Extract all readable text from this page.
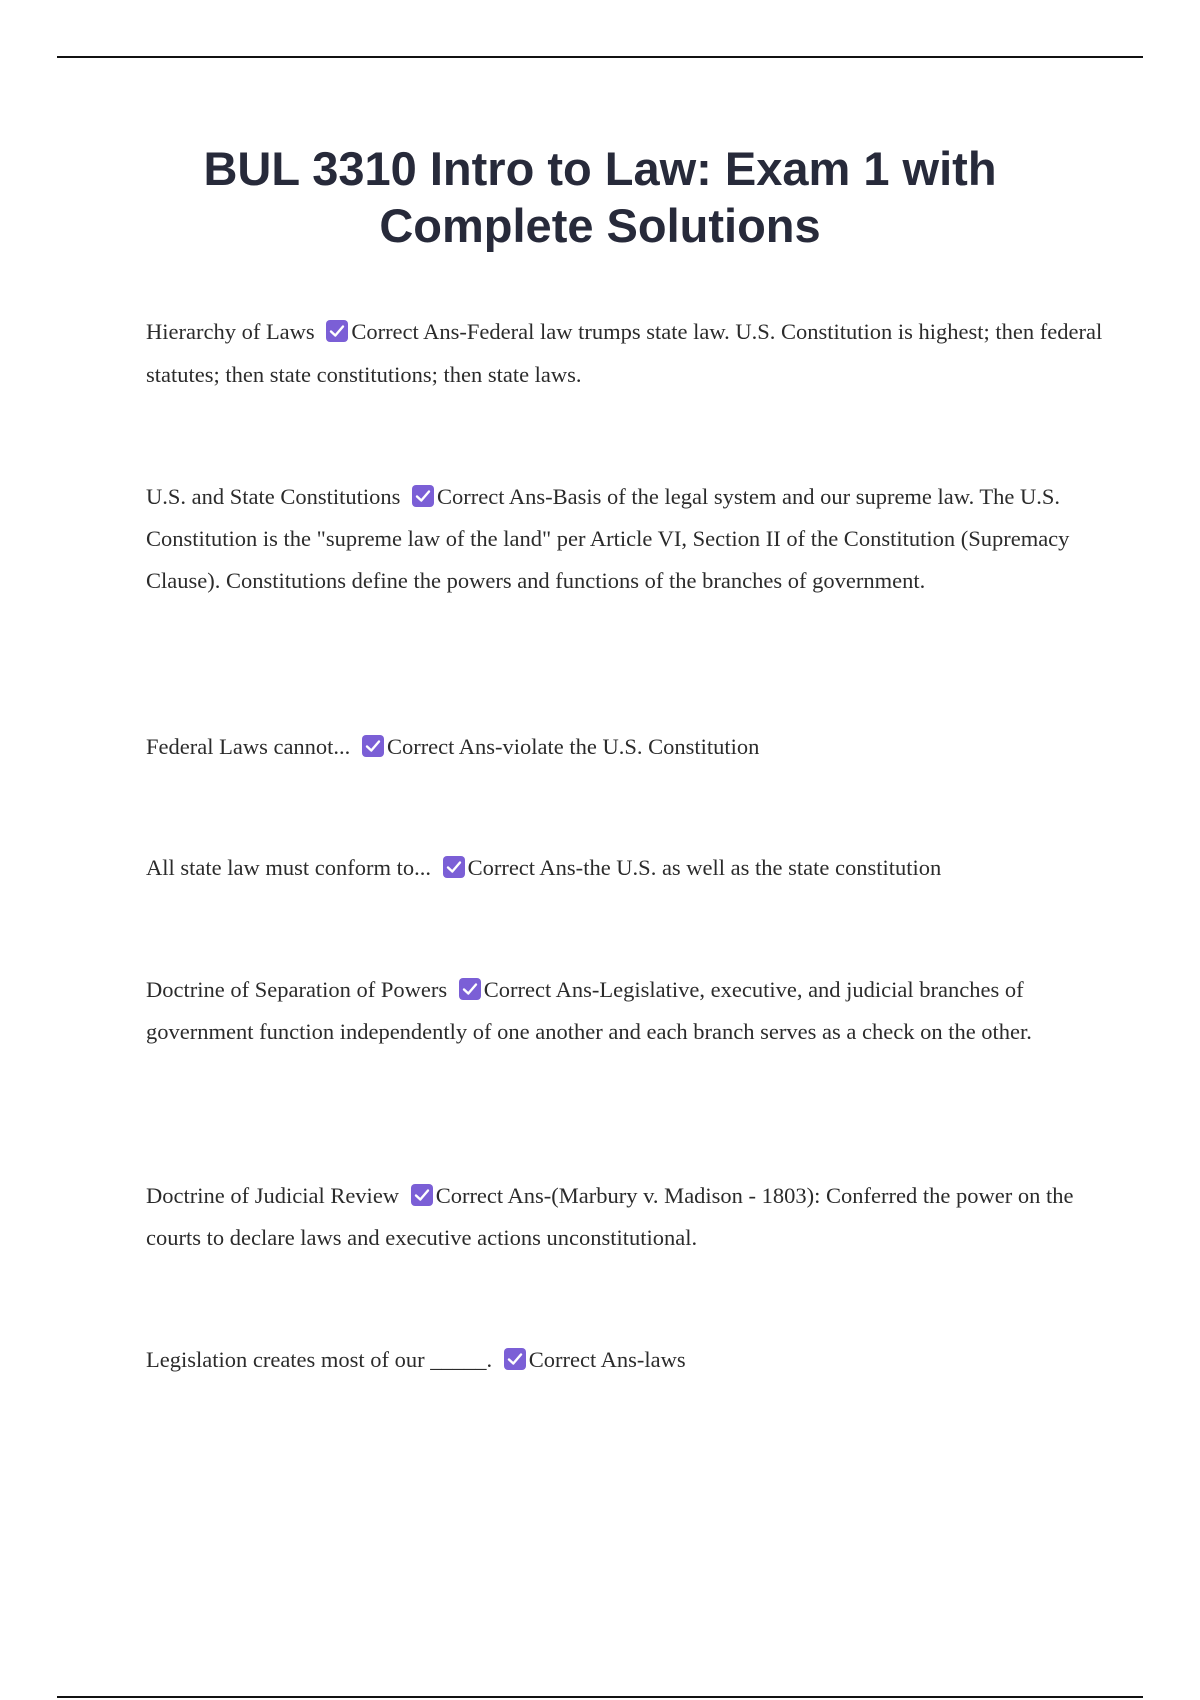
BUL 3310 Intro to Law: Exam 1 with Complete Solutions

Hierarchy of Laws Correct Ans-Federal law trumps state law. U.S. Constitution is highest; then federal statutes; then state constitutions; then state laws.

U.S. and State Constitutions Correct Ans-Basis of the legal system and our supreme law. The U.S. Constitution is the "supreme law of the land" per Article VI, Section II of the Constitution (Supremacy Clause). Constitutions define the powers and functions of the branches of government.

Federal Laws cannot... Correct Ans-violate the U.S. Constitution

All state law must conform to... Correct Ans-the U.S. as well as the state constitution

Doctrine of Separation of Powers Correct Ans-Legislative, executive, and judicial branches of government function independently of one another and each branch serves as a check on the other.

Doctrine of Judicial Review Correct Ans-(Marbury v. Madison - 1803): Conferred the power on the courts to declare laws and executive actions unconstitutional.

Legislation creates most of our _____. Correct Ans-laws
